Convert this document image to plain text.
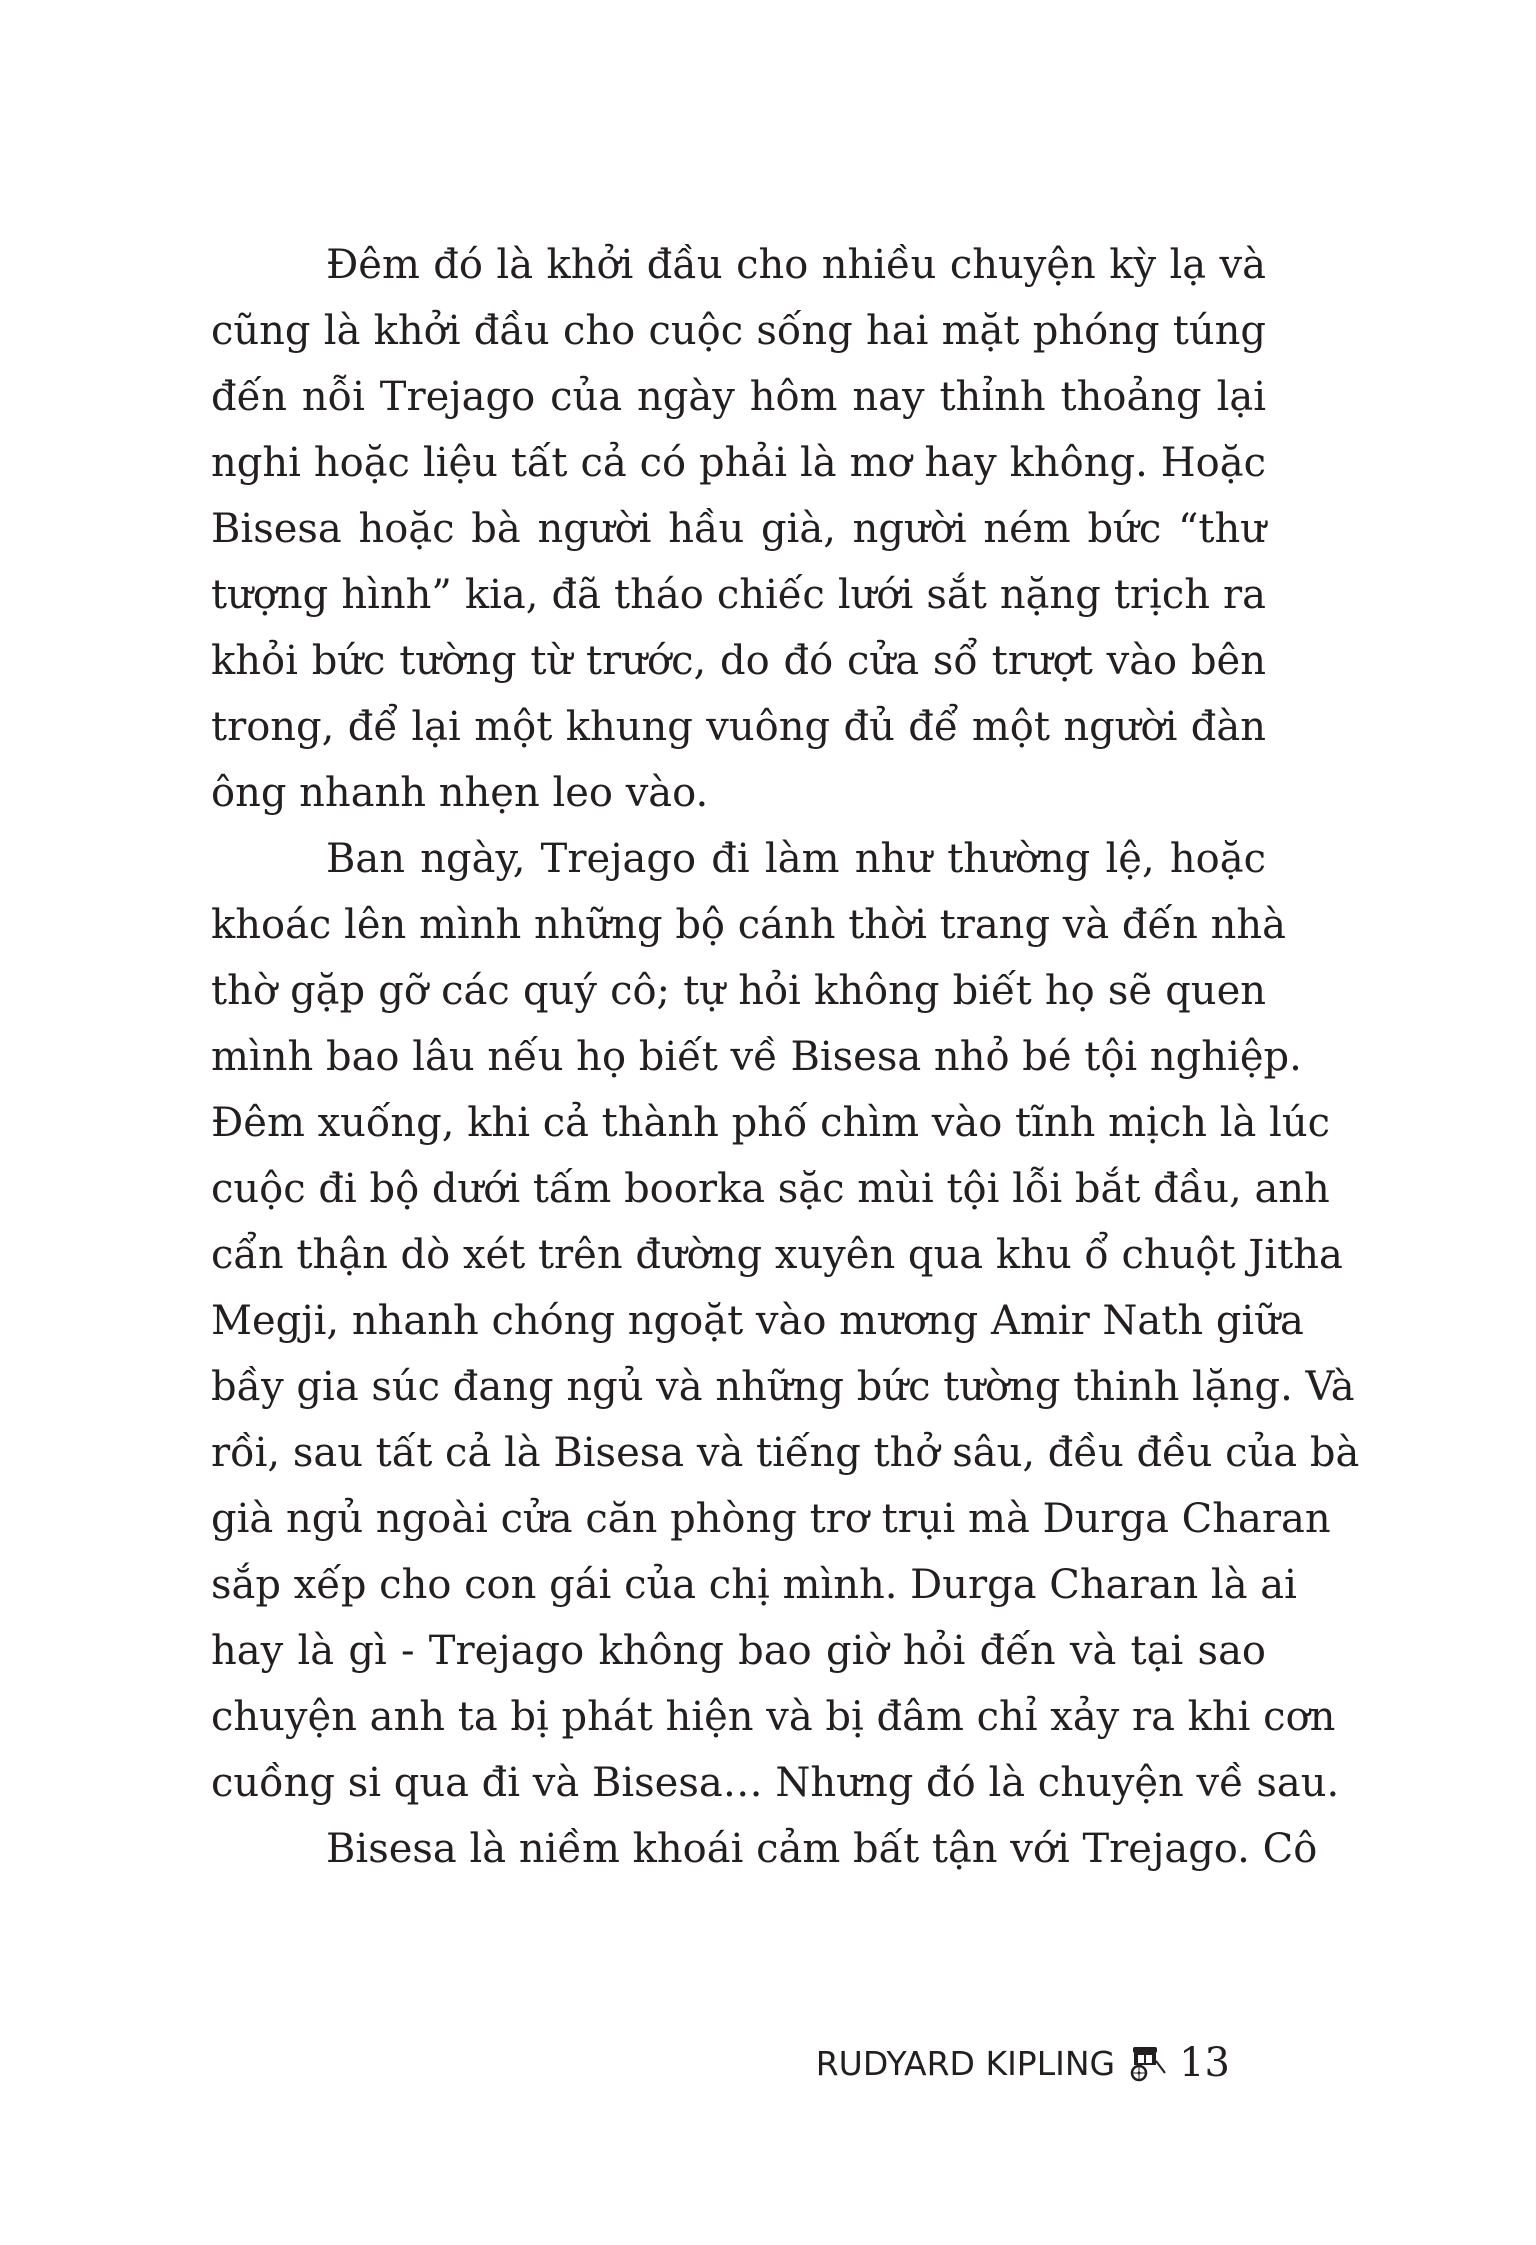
Đêm đó là khởi đầu cho nhiều chuyện kỳ lạ và
cũng là khởi đầu cho cuộc sống hai mặt phóng túng
đến nỗi Trejago của ngày hôm nay thỉnh thoảng lại
nghi hoặc liệu tất cả có phải là mơ hay không. Hoặc
Bisesa hoặc bà người hầu già, người ném bức “thư
tượng hình” kia, đã tháo chiếc lưới sắt nặng trịch ra
khỏi bức tường từ trước, do đó cửa sổ trượt vào bên
trong, để lại một khung vuông đủ để một người đàn
ông nhanh nhẹn leo vào.
Ban ngày, Trejago đi làm như thường lệ, hoặc
khoác lên mình những bộ cánh thời trang và đến nhà
thờ gặp gỡ các quý cô; tự hỏi không biết họ sẽ quen
mình bao lâu nếu họ biết về Bisesa nhỏ bé tội nghiệp.
Đêm xuống, khi cả thành phố chìm vào tĩnh mịch là lúc
cuộc đi bộ dưới tấm boorka sặc mùi tội lỗi bắt đầu, anh
cẩn thận dò xét trên đường xuyên qua khu ổ chuột Jitha
Megji, nhanh chóng ngoặt vào mương Amir Nath giữa
bầy gia súc đang ngủ và những bức tường thinh lặng. Và
rồi, sau tất cả là Bisesa và tiếng thở sâu, đều đều của bà
già ngủ ngoài cửa căn phòng trơ trụi mà Durga Charan
sắp xếp cho con gái của chị mình. Durga Charan là ai
hay là gì - Trejago không bao giờ hỏi đến và tại sao
chuyện anh ta bị phát hiện và bị đâm chỉ xảy ra khi cơn
cuồng si qua đi và Bisesa… Nhưng đó là chuyện về sau.
Bisesa là niềm khoái cảm bất tận với Trejago. Cô
RUDYARD KIPLING 13
